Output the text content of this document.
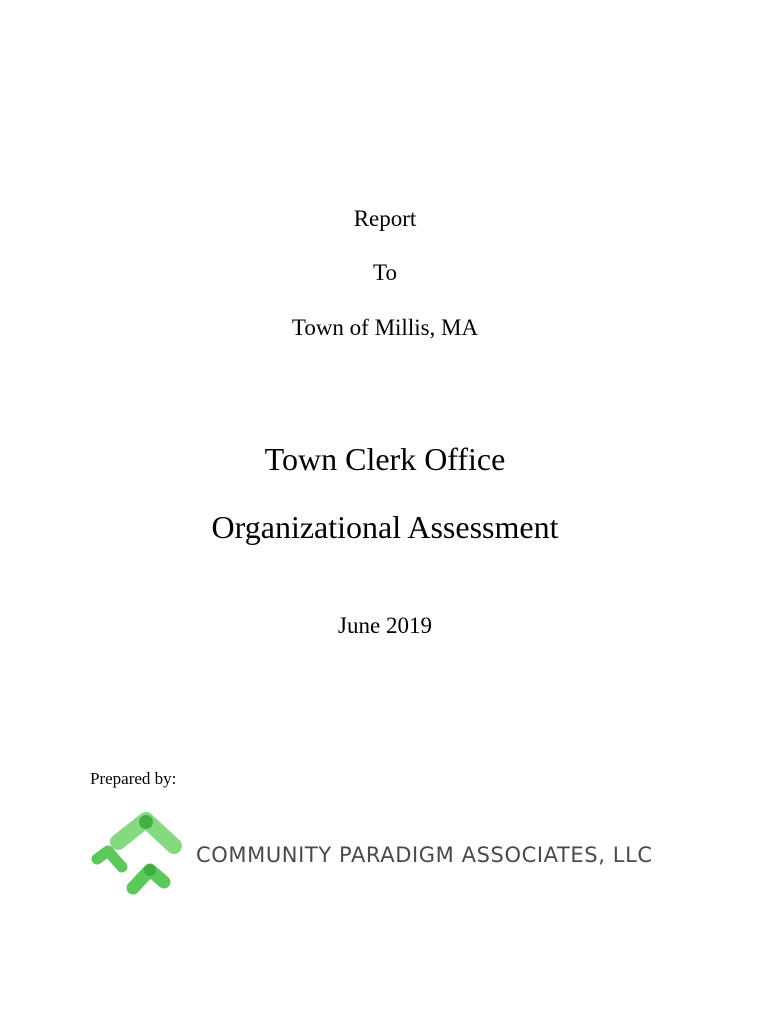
Report
To
Town of Millis, MA
Town Clerk Office
Organizational Assessment
June 2019
Prepared by:
COMMUNITY PARADIGM ASSOCIATES, LLC
